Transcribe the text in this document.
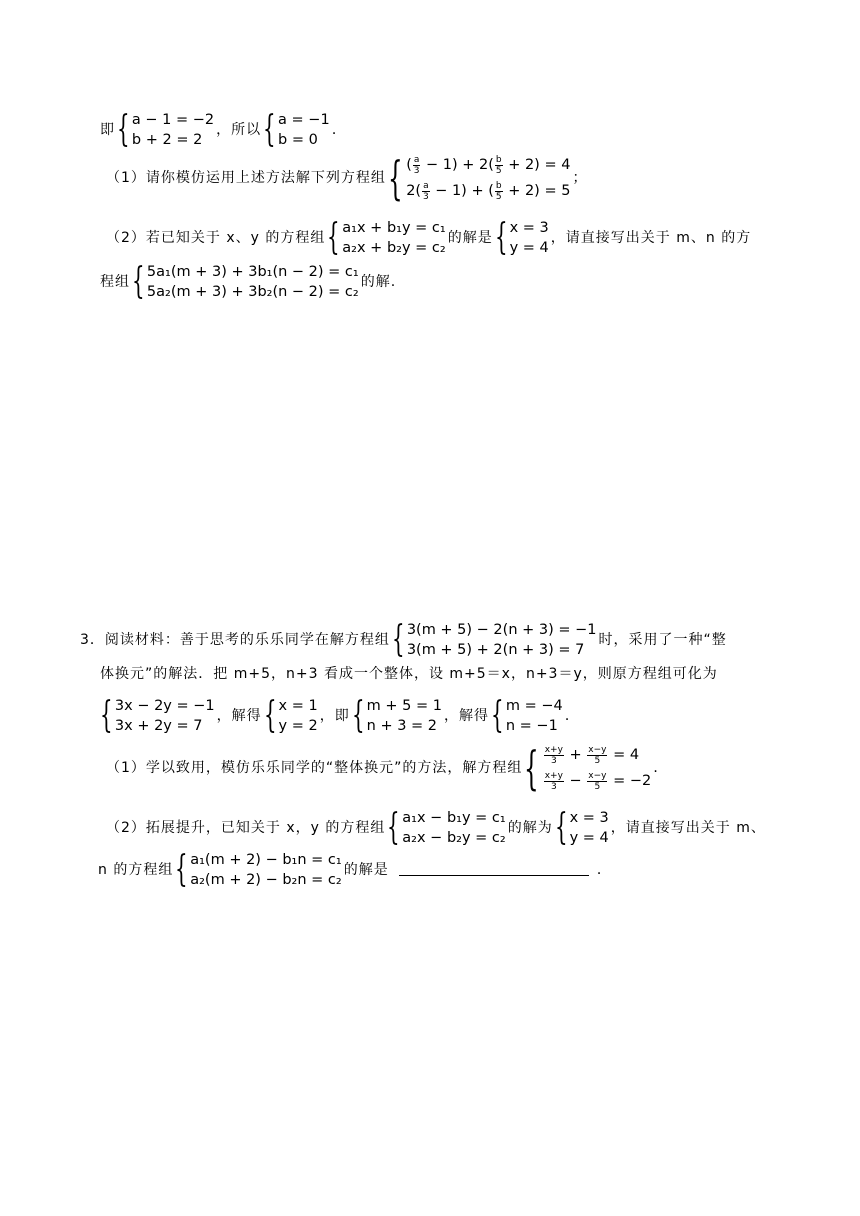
即 { a − 1 = −2
b + 2 = 2
，所以 { a = −1
b = 0
.
（1）请你模仿运用上述方法解下列方程组 { ( $\frac{a}{3} - 1) + 2( \frac{b}{5} + 2) = 4$
$2( \frac{a}{3} - 1)$ + ( $\frac{b}{5} + 2) = 5$
；
（2）若已知关于 x、y 的方程组 { a₁x + b₁y = c₁
a₂x + b₂y = c₂
的解是 { x = 3
y = 4
，请直接写出关于 m、n 的方
程组 { 5a₁(m + 3) + 3b₁(n − 2) = c₁
5a₂(m + 3) + 3b₂(n − 2) = c₂
的解.
3．阅读材料：善于思考的乐乐同学在解方程组 { 3(m + 5) − 2(n + 3) = −1
3(m + 5) + 2(n + 3) = 7
时，采用了一种“整
体换元”的解法．把 m+5，n+3 看成一个整体，设 m+5＝x，n+3＝y，则原方程组可化为
{ 3x − 2y = −1
3x + 2y = 7
，解得 { x = 1
y = 2
，即 { m + 5 = 1
n + 3 = 2
，解得 { m = −4
n = −1
.
（1）学以致用，模仿乐乐同学的“整体换元”的方法，解方程组 { $\frac{x+y}{3} + \frac{x-y}{5} = 4$
$\frac{x+y}{3} - \frac{x-y}{5} = -2$
.
（2）拓展提升，已知关于 x，y 的方程组 { a₁x − b₁y = c₁
a₂x − b₂y = c₂
的解为 { x = 3
y = 4
，请直接写出关于 m、
n 的方程组 { a₁(m + 2) − b₁n = c₁
a₂(m + 2) − b₂n = c₂
的解是	.
